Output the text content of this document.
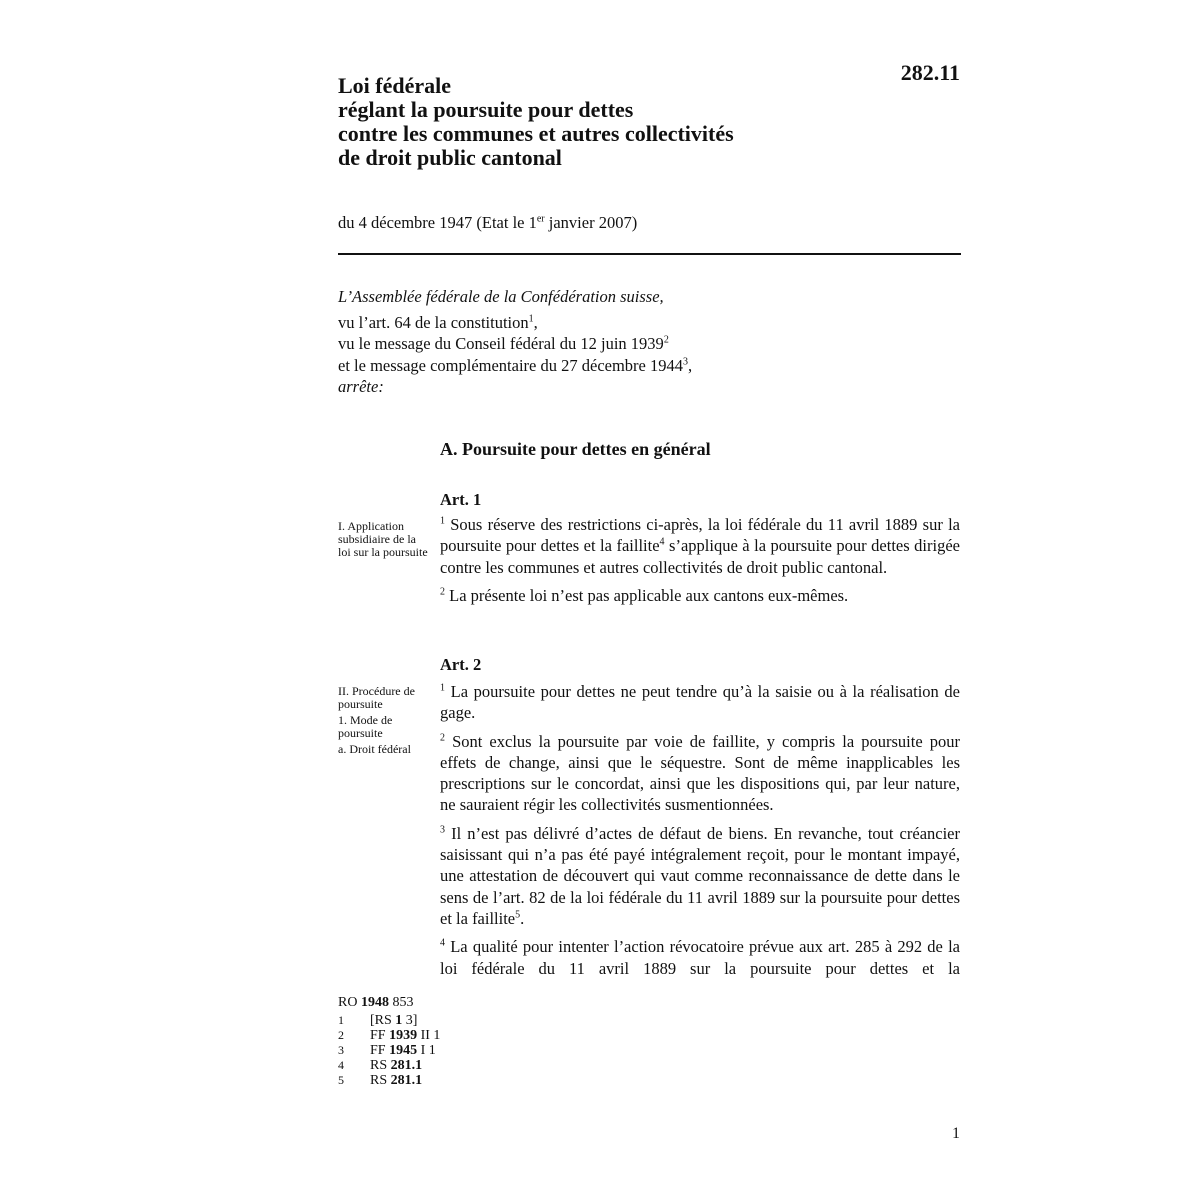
Loi fédérale
réglant la poursuite pour dettes
contre les communes et autres collectivités
de droit public cantonal
282.11
du 4 décembre 1947 (Etat le 1er janvier 2007)
L’Assemblée fédérale de la Confédération suisse,
vu l’art. 64 de la constitution$^1$,
vu le message du Conseil fédéral du 12 juin 1939$^2$
et le message complémentaire du 27 décembre 1944$^3$,
arrête:
A. Poursuite pour dettes en général
Art. 1
I. Application subsidiaire de la loi sur la poursuite

$^1$ Sous réserve des restrictions ci-après, la loi fédérale du 11 avril 1889 sur la poursuite pour dettes et la faillite$^4$ s’applique à la poursuite pour dettes dirigée contre les communes et autres collectivités de droit public cantonal.

$^2$ La présente loi n’est pas applicable aux cantons eux-mêmes.

Art. 2
II. Procédure de poursuite
1. Mode de poursuite
a. Droit fédéral

$^1$ La poursuite pour dettes ne peut tendre qu’à la saisie ou à la réalisation de gage.

$^2$ Sont exclus la poursuite par voie de faillite, y compris la poursuite pour effets de change, ainsi que le séquestre. Sont de même inapplicables les prescriptions sur le concordat, ainsi que les dispositions qui, par leur nature, ne sauraient régir les collectivités susmentionnées.

$^3$ Il n’est pas délivré d’actes de défaut de biens. En revanche, tout créancier saisissant qui n’a pas été payé intégralement reçoit, pour le montant impayé, une attestation de découvert qui vaut comme reconnaissance de dette dans le sens de l’art. 82 de la loi fédérale du 11 avril 1889 sur la poursuite pour dettes et la faillite$^5$.

$^4$ La qualité pour intenter l’action révocatoire prévue aux art. 285 à 292 de la loi fédérale du 11 avril 1889 sur la poursuite pour dettes et la

RO 1948 853
1	[RS 1 3]
2	FF 1939 II 1
3	FF 1945 I 1
4	RS 281.1
5	RS 281.1
1
